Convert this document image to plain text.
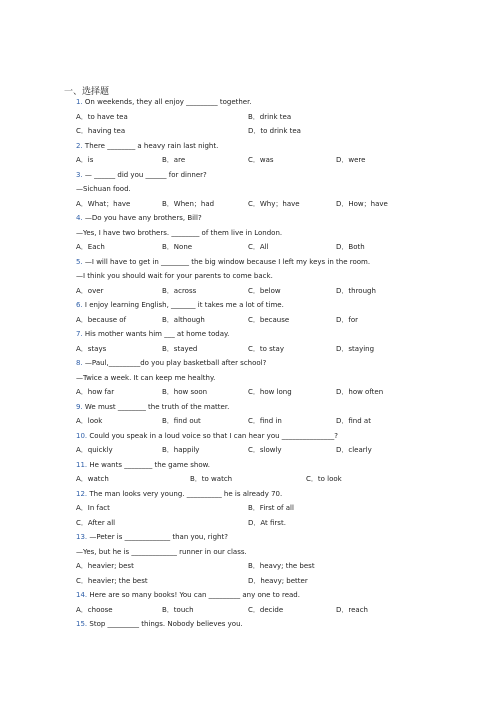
一、选择题
1. On weekends, they all enjoy _________ together.
A．to have tea	B．drink tea
C．having tea	D．to drink tea
2. There ________ a heavy rain last night.
A．is	B．are	C．was	D．were
3. — ______ did you ______ for dinner?
—Sichuan food.
A．What；have	B．When；had	C．Why；have	D．How；have
4. —Do you have any brothers, Bill?
—Yes, I have two brothers. ________ of them live in London.
A．Each	B．None	C．All	D．Both
5. —I will have to get in ________ the big window because I left my keys in the room.
—I think you should wait for your parents to come back.
A．over	B．across	C．below	D．through
6. I enjoy learning English, _______ it takes me a lot of time.
A．because of	B．although	C．because	D．for
7. His mother wants him ___ at home today.
A．stays	B．stayed	C．to stay	D．staying
8. —Paul,_________do you play basketball after school?
—Twice a week. It can keep me healthy.
A．how far	B．how soon	C．how long	D．how often
9. We must ________ the truth of the matter.
A．look	B．find out	C．find in	D．find at
10. Could you speak in a loud voice so that I can hear you _______________?
A．quickly	B．happily	C．slowly	D．clearly
11. He wants ________ the game show.
A．watch	B．to watch	C．to look
12. The man looks very young. __________ he is already 70.
A．In fact	B．First of all
C．After all	D．At first.
13. —Peter is _____________ than you, right?
—Yes, but he is _____________ runner in our class.
A．heavier; best	B．heavy; the best
C．heavier; the best	D．heavy; better
14. Here are so many books! You can _________ any one to read.
A．choose	B．touch	C．decide	D．reach
15. Stop _________ things. Nobody believes you.
